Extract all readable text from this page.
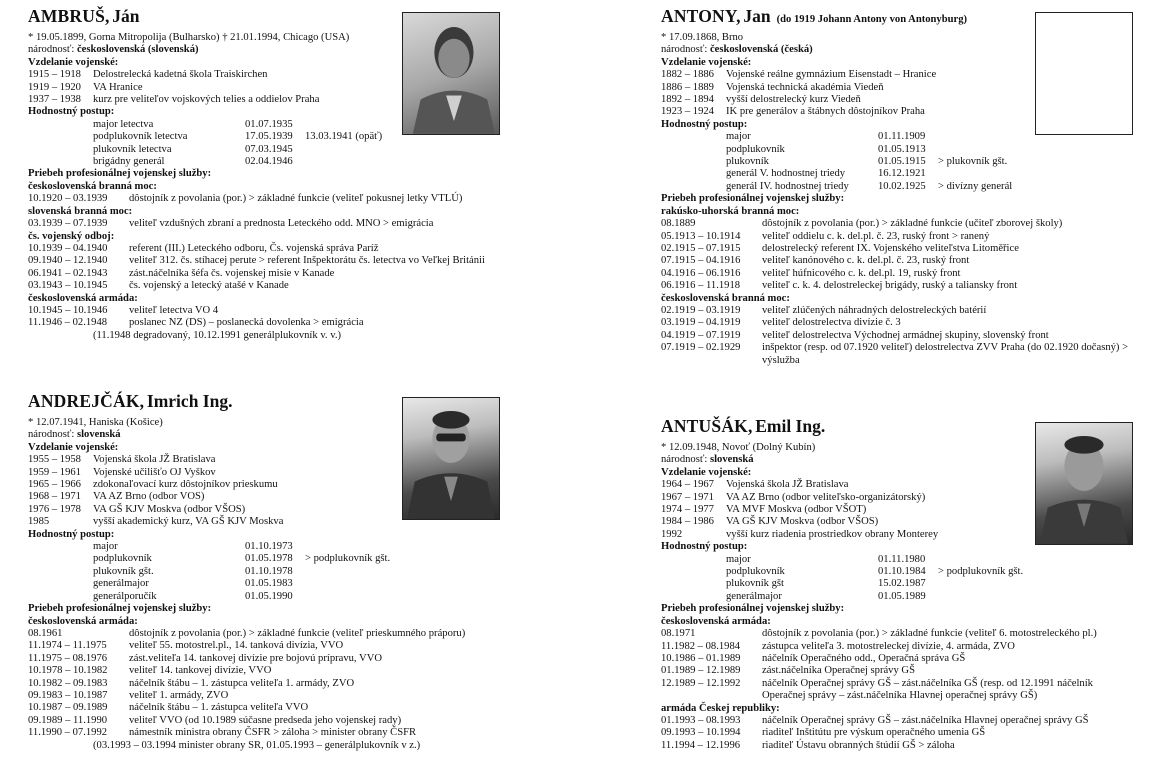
AMBRUŠ,
Ján
* 19.05.1899, Gorna Mitropolija (Bulharsko) † 21.01.1994, Chicago (USA)
národnosť: československá (slovenská)
Vzdelanie vojenské:
1915 – 1918	Delostrelecká kadetná škola Traiskirchen
1919 – 1920	VA Hranice
1937 – 1938	kurz pre veliteľov vojskových telies a oddielov Praha
Hodnostný postup:
major letectva	01.07.1935
podplukovník letectva	17.05.1939	13.03.1941 (opäť)
plukovník letectva	07.03.1945
brigádny generál	02.04.1946
Priebeh profesionálnej vojenskej služby:
československá branná moc:
10.1920 – 03.1939	dôstojník z povolania (por.) > základné funkcie (veliteľ pokusnej letky VTLÚ)
slovenská branná moc:
03.1939 – 07.1939	veliteľ vzdušných zbraní a prednosta Leteckého odd. MNO > emigrácia
čs. vojenský odboj:
10.1939 – 04.1940	referent (III.) Leteckého odboru, Čs. vojenská správa Paríž
09.1940 – 12.1940	veliteľ 312. čs. stíhacej perute > referent Inšpektorátu čs. letectva vo Veľkej Británii
06.1941 – 02.1943	zást.náčelníka šéfa čs. vojenskej misie v Kanade
03.1943 – 10.1945	čs. vojenský a letecký atašé v Kanade
československá armáda:
10.1945 – 10.1946	veliteľ letectva VO 4
11.1946 – 02.1948	poslanec NZ (DS) – poslanecká dovolenka > emigrácia
(11.1948 degradovaný, 10.12.1991 generálplukovník v. v.)
ANDREJČÁK,
Imrich Ing.
* 12.07.1941, Haniska (Košice)
národnosť: slovenská
Vzdelanie vojenské:
1955 – 1958	Vojenská škola JŽ Bratislava
1959 – 1961	Vojenské učilišťo OJ Vyškov
1965 – 1966	zdokonaľovací kurz dôstojníkov prieskumu
1968 – 1971	VA AZ Brno (odbor VOS)
1976 – 1978	VA GŠ KJV Moskva (odbor VŠOS)
1985	vyšší akademický kurz, VA GŠ KJV Moskva
Hodnostný postup:
major	01.10.1973
podplukovník	01.05.1978	> podplukovník gšt.
plukovník gšt.	01.10.1978
generálmajor	01.05.1983
generálporučík	01.05.1990
Priebeh profesionálnej vojenskej služby:
československá armáda:
08.1961	dôstojník z povolania (por.) > základné funkcie (veliteľ prieskumného práporu)
11.1974 – 11.1975	veliteľ 55. motostrel.pl., 14. tanková divízia, VVO
11.1975 – 08.1976	zást.veliteľa 14. tankovej divízie pre bojovú prípravu, VVO
10.1978 – 10.1982	veliteľ 14. tankovej divízie, VVO
10.1982 – 09.1983	náčelník štábu – 1. zástupca veliteľa 1. armády, ZVO
09.1983 – 10.1987	veliteľ 1. armády, ZVO
10.1987 – 09.1989	náčelník štábu – 1. zástupca veliteľa VVO
09.1989 – 11.1990	veliteľ VVO (od 10.1989 súčasne predseda jeho vojenskej rady)
11.1990 – 07.1992	námestník ministra obrany ČSFR > záloha > minister obrany ČSFR
(03.1993 – 03.1994 minister obrany SR, 01.05.1993 – generálplukovník v z.)
ANTONY,
Jan (do 1919 Johann Antony von Antonyburg)
* 17.09.1868, Brno
národnosť: československá (česká)
Vzdelanie vojenské:
1882 – 1886	Vojenské reálne gymnázium Eisenstadt – Hranice
1886 – 1889	Vojenská technická akadémia Viedeň
1892 – 1894	vyšší delostrelecký kurz Viedeň
1923 – 1924	IK pre generálov a štábnych dôstojníkov Praha
Hodnostný postup:
major	01.11.1909
podplukovník	01.05.1913
plukovník	01.05.1915	> plukovník gšt.
generál V. hodnostnej triedy	16.12.1921
generál IV. hodnostnej triedy	10.02.1925	> divízny generál
Priebeh profesionálnej vojenskej služby:
rakúsko-uhorská branná moc:
08.1889	dôstojník z povolania (por.) > základné funkcie (učiteľ zborovej školy)
05.1913 – 10.1914	veliteľ oddielu c. k. del.pl. č. 23, ruský front > ranený
02.1915 – 07.1915	delostrelecký referent IX. Vojenského veliteľstva Litoměřice
07.1915 – 04.1916	veliteľ kanónového c. k. del.pl. č. 23, ruský front
04.1916 – 06.1916	veliteľ húfnicového c. k. del.pl. 19, ruský front
06.1916 – 11.1918	veliteľ c. k. 4. delostreleckej brigády, ruský a taliansky front
československá branná moc:
02.1919 – 03.1919	veliteľ zlúčených náhradných delostreleckých batérií
03.1919 – 04.1919	veliteľ delostrelectva divízie č. 3
04.1919 – 07.1919	veliteľ delostrelectva Východnej armádnej skupiny, slovenský front
07.1919 – 02.1929	inšpektor (resp. od 07.1920 veliteľ) delostrelectva ZVV Praha (do 02.1920 dočasný) > výslužba
ANTUŠÁK,
Emil Ing.
* 12.09.1948, Novoť (Dolný Kubín)
národnosť: slovenská
Vzdelanie vojenské:
1964 – 1967	Vojenská škola JŽ Bratislava
1967 – 1971	VA AZ Brno (odbor veliteľsko-organizátorský)
1974 – 1977	VA MVF Moskva (odbor VŠOT)
1984 – 1986	VA GŠ KJV Moskva (odbor VŠOS)
1992	vyšší kurz riadenia prostriedkov obrany Monterey
Hodnostný postup:
major	01.11.1980
podplukovník	01.10.1984	> podplukovník gšt.
plukovník gšt	15.02.1987
generálmajor	01.05.1989
Priebeh profesionálnej vojenskej služby:
československá armáda:
08.1971	dôstojník z povolania (por.) > základné funkcie (veliteľ 6. motostreleckého pl.)
11.1982 – 08.1984	zástupca veliteľa 3. motostreleckej divízie, 4. armáda, ZVO
10.1986 – 01.1989	náčelník Operačného odd., Operačná správa GŠ
01.1989 – 12.1989	zást.náčelníka Operačnej správy GŠ
12.1989 – 12.1992	náčelník Operačnej správy GŠ – zást.náčelníka GŠ (resp. od 12.1991 náčelník Operačnej správy – zást.náčelníka Hlavnej operačnej správy GŠ)
armáda Českej republiky:
01.1993 – 08.1993	náčelník Operačnej správy GŠ – zást.náčelníka Hlavnej operačnej správy GŠ
09.1993 – 10.1994	riaditeľ Inštitútu pre výskum operačného umenia GŠ
11.1994 – 12.1996	riaditeľ Ústavu obranných štúdií GŠ > záloha
